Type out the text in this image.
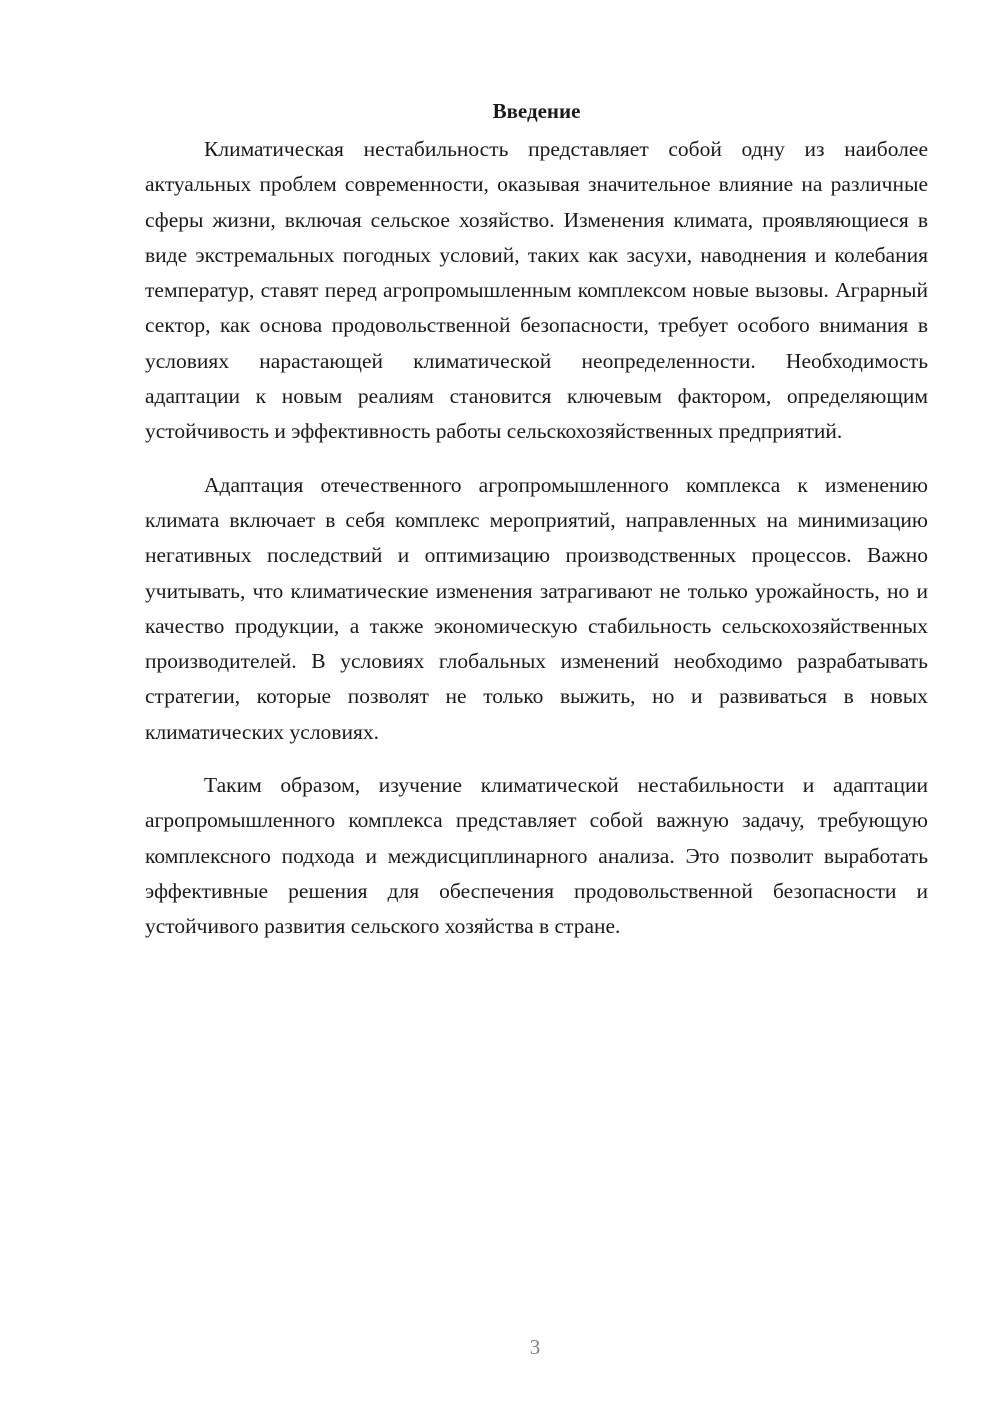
Введение

Климатическая нестабильность представляет собой одну из наиболее актуальных проблем современности, оказывая значительное влияние на различные сферы жизни, включая сельское хозяйство. Изменения климата, проявляющиеся в виде экстремальных погодных условий, таких как засухи, наводнения и колебания температур, ставят перед агропромышленным комплексом новые вызовы. Аграрный сектор, как основа продовольственной безопасности, требует особого внимания в условиях нарастающей климатической неопределенности. Необходимость адаптации к новым реалиям становится ключевым фактором, определяющим устойчивость и эффективность работы сельскохозяйственных предприятий.

Адаптация отечественного агропромышленного комплекса к изменению климата включает в себя комплекс мероприятий, направленных на минимизацию негативных последствий и оптимизацию производственных процессов. Важно учитывать, что климатические изменения затрагивают не только урожайность, но и качество продукции, а также экономическую стабильность сельскохозяйственных производителей. В условиях глобальных изменений необходимо разрабатывать стратегии, которые позволят не только выжить, но и развиваться в новых климатических условиях.

Таким образом, изучение климатической нестабильности и адаптации агропромышленного комплекса представляет собой важную задачу, требующую комплексного подхода и междисциплинарного анализа. Это позволит выработать эффективные решения для обеспечения продовольственной безопасности и устойчивого развития сельского хозяйства в стране.

3
